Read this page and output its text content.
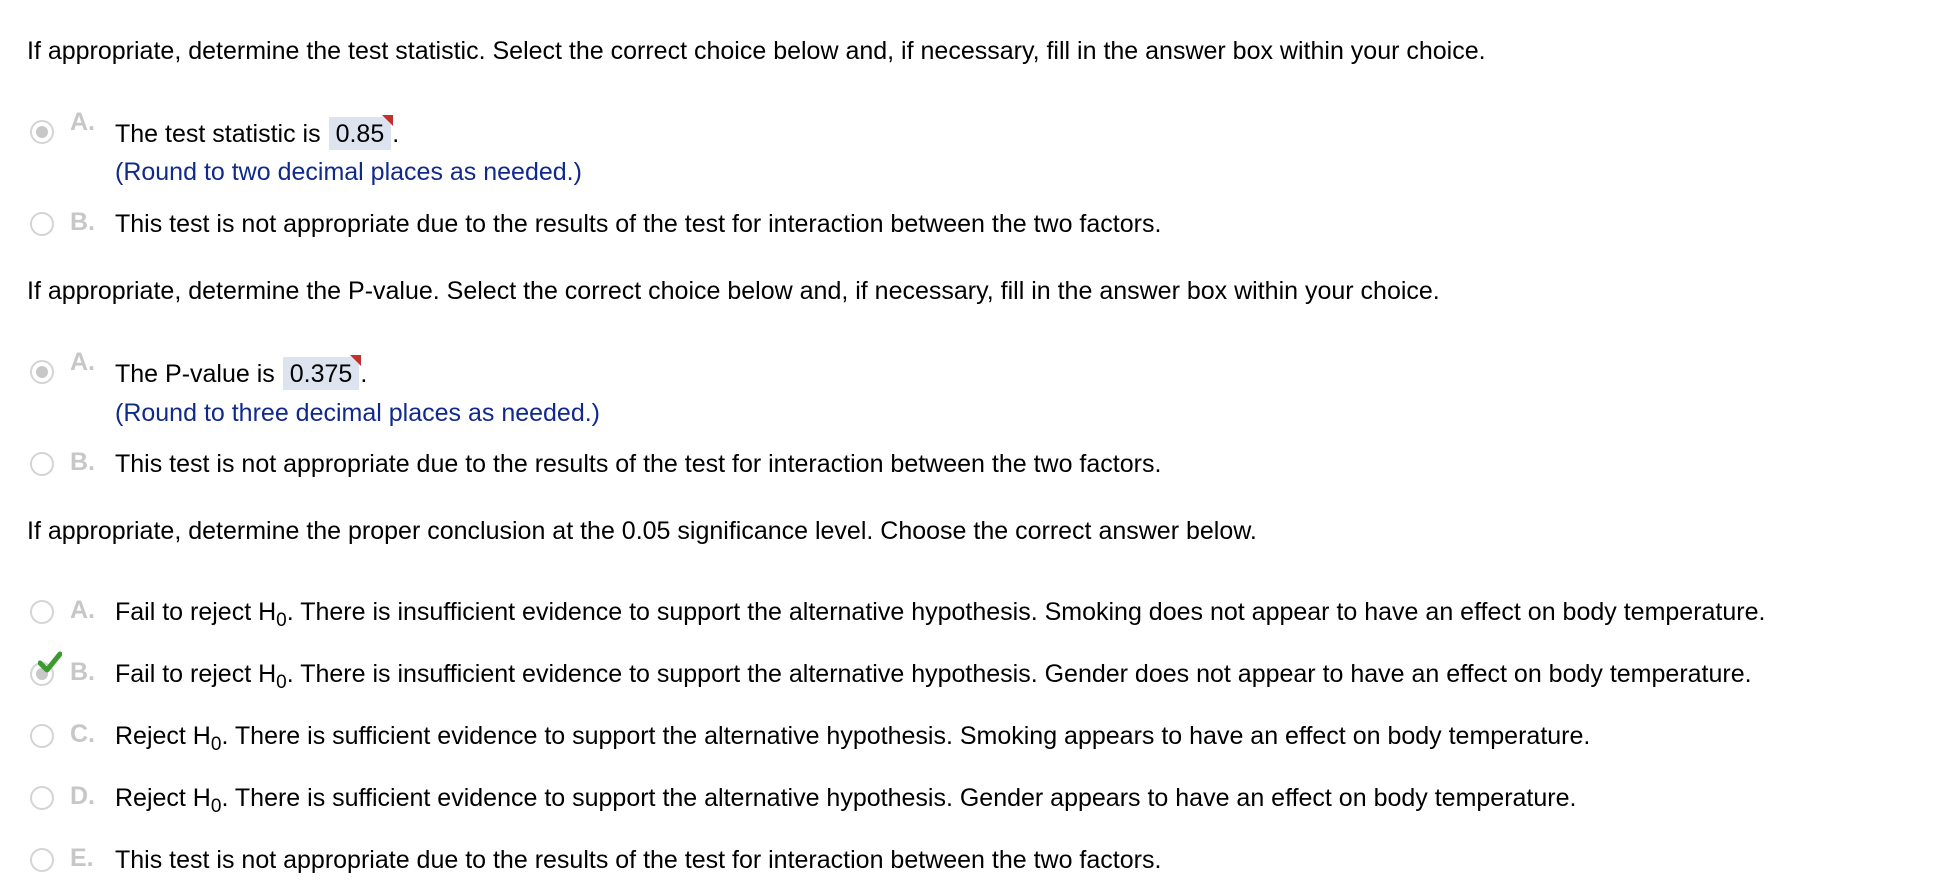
If appropriate, determine the test statistic. Select the correct choice below and, if necessary, fill in the answer box within your choice.
A. The test statistic is 0.85 .
(Round to two decimal places as needed.)
B. This test is not appropriate due to the results of the test for interaction between the two factors.
If appropriate, determine the P-value. Select the correct choice below and, if necessary, fill in the answer box within your choice.
A. The P-value is 0.375 .
(Round to three decimal places as needed.)
B. This test is not appropriate due to the results of the test for interaction between the two factors.
If appropriate, determine the proper conclusion at the 0.05 significance level. Choose the correct answer below.
A. Fail to reject $H_0$. There is insufficient evidence to support the alternative hypothesis. Smoking does not appear to have an effect on body temperature.
B. Fail to reject $H_0$. There is insufficient evidence to support the alternative hypothesis. Gender does not appear to have an effect on body temperature.
C. Reject $H_0$. There is sufficient evidence to support the alternative hypothesis. Smoking appears to have an effect on body temperature.
D. Reject $H_0$. There is sufficient evidence to support the alternative hypothesis. Gender appears to have an effect on body temperature.
E. This test is not appropriate due to the results of the test for interaction between the two factors.
